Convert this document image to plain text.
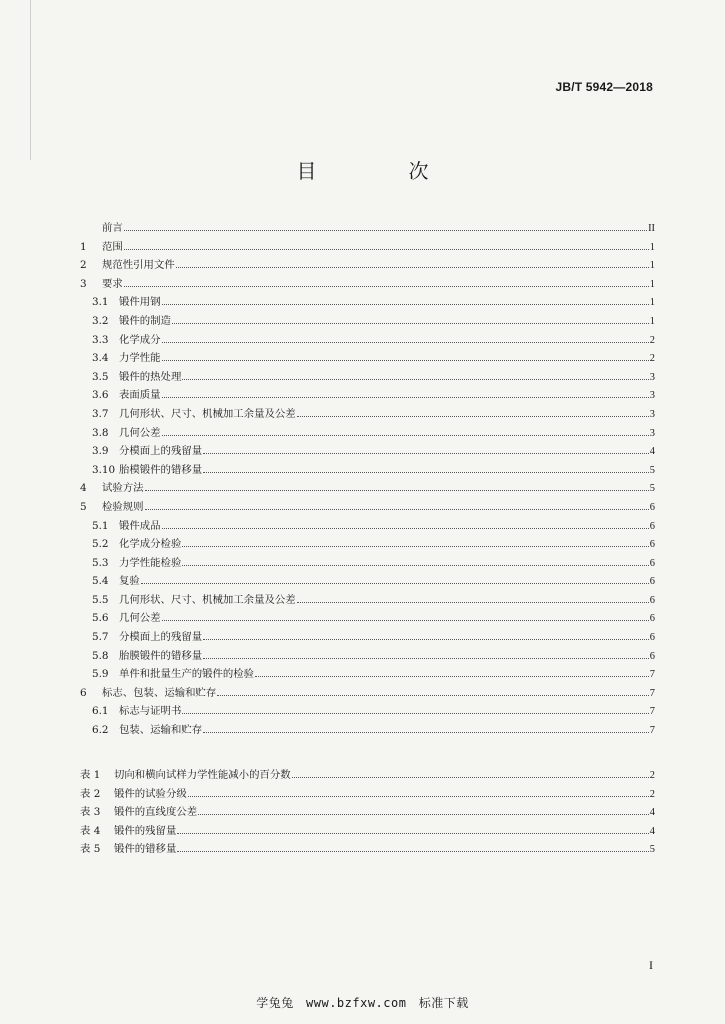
JB/T 5942—2018
目　次
前言	II
1	范围	1
2	规范性引用文件	1
3	要求	1
3.1	锻件用钢	1
3.2	锻件的制造	1
3.3	化学成分	2
3.4	力学性能	2
3.5	锻件的热处理	3
3.6	表面质量	3
3.7	几何形状、尺寸、机械加工余量及公差	3
3.8	几何公差	3
3.9	分模面上的残留量	4
3.10 胎模锻件的错移量	5
4	试验方法	5
5	检验规则	6
5.1	锻件成品	6
5.2	化学成分检验	6
5.3	力学性能检验	6
5.4	复验	6
5.5	几何形状、尺寸、机械加工余量及公差	6
5.6	几何公差	6
5.7	分模面上的残留量	6
5.8	胎膜锻件的错移量	6
5.9	单件和批量生产的锻件的检验	7
6	标志、包装、运输和贮存	7
6.1	标志与证明书	7
6.2	包装、运输和贮存	7
表 1	切向和横向试样力学性能减小的百分数	2
表 2	锻件的试验分级	2
表 3	锻件的直线度公差	4
表 4	锻件的残留量	4
表 5	锻件的错移量	5
I
学兔兔 www.bzfxw.com 标准下载
